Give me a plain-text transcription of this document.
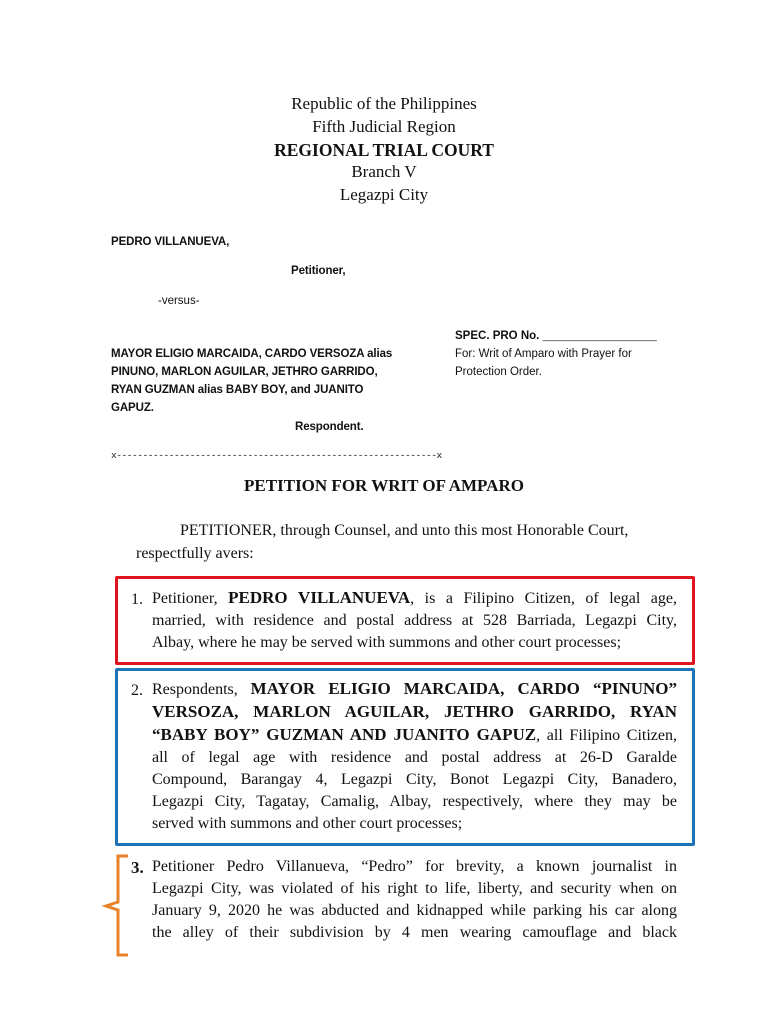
Republic of the Philippines
Fifth Judicial Region
REGIONAL TRIAL COURT
Branch V
Legazpi City
PEDRO VILLANUEVA,
Petitioner,
-versus-
MAYOR ELIGIO MARCAIDA, CARDO VERSOZA alias
PINUNO, MARLON AGUILAR, JETHRO GARRIDO,
RYAN GUZMAN alias BABY BOY, and JUANITO
GAPUZ.
Respondent.
x-------------------------------------------------------------x
SPEC. PRO No. ___________________________
For: Writ of Amparo with Prayer for
Protection Order.
PETITION FOR WRIT OF AMPARO
PETITIONER, through Counsel, and unto this most Honorable Court,
respectfully avers:
1. Petitioner, PEDRO VILLANUEVA, is a Filipino Citizen, of legal age,
married, with residence and postal address at 528 Barriada, Legazpi City,
Albay, where he may be served with summons and other court processes;
2. Respondents, MAYOR ELIGIO MARCAIDA, CARDO “PINUNO”
VERSOZA, MARLON AGUILAR, JETHRO GARRIDO, RYAN
“BABY BOY” GUZMAN AND JUANITO GAPUZ, all Filipino Citizen,
all of legal age with residence and postal address at 26-D Garalde
Compound, Barangay 4, Legazpi City, Bonot Legazpi City, Banadero,
Legazpi City, Tagatay, Camalig, Albay, respectively, where they may be
served with summons and other court processes;
3. Petitioner Pedro Villanueva, “Pedro” for brevity, a known journalist in
Legazpi City, was violated of his right to life, liberty, and security when on
January 9, 2020 he was abducted and kidnapped while parking his car along
the alley of their subdivision by 4 men wearing camouflage and black
